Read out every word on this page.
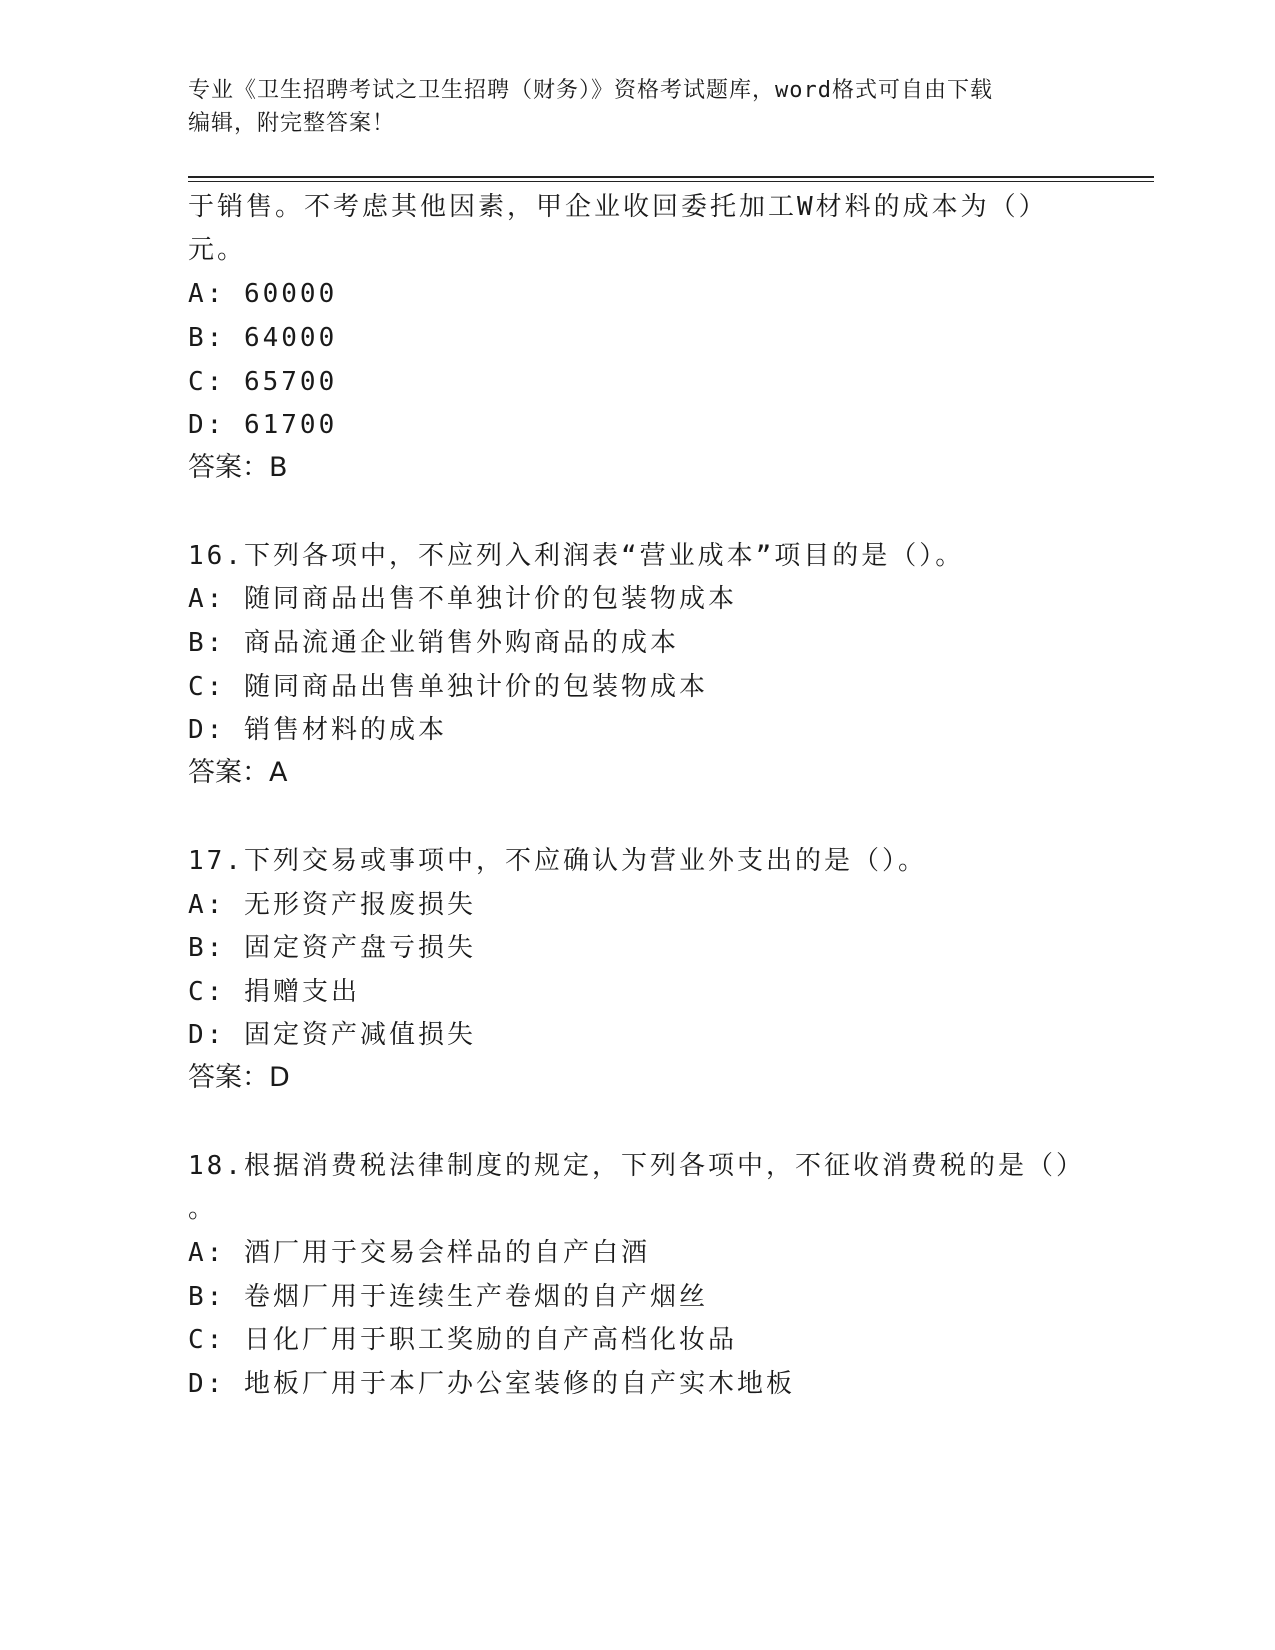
专业《卫生招聘考试之卫生招聘（财务）》资格考试题库，word格式可自由下载
编辑，附完整答案！
于销售。不考虑其他因素，甲企业收回委托加工W材料的成本为（）
元。
A: 60000
B: 64000
C: 65700
D: 61700
答案：B
16.下列各项中，不应列入利润表“营业成本”项目的是（）。
A: 随同商品出售不单独计价的包装物成本
B: 商品流通企业销售外购商品的成本
C: 随同商品出售单独计价的包装物成本
D: 销售材料的成本
答案：A
17.下列交易或事项中，不应确认为营业外支出的是（）。
A: 无形资产报废损失
B: 固定资产盘亏损失
C: 捐赠支出
D: 固定资产减值损失
答案：D
18.根据消费税法律制度的规定，下列各项中，不征收消费税的是（）
。
A: 酒厂用于交易会样品的自产白酒
B: 卷烟厂用于连续生产卷烟的自产烟丝
C: 日化厂用于职工奖励的自产高档化妆品
D: 地板厂用于本厂办公室装修的自产实木地板
